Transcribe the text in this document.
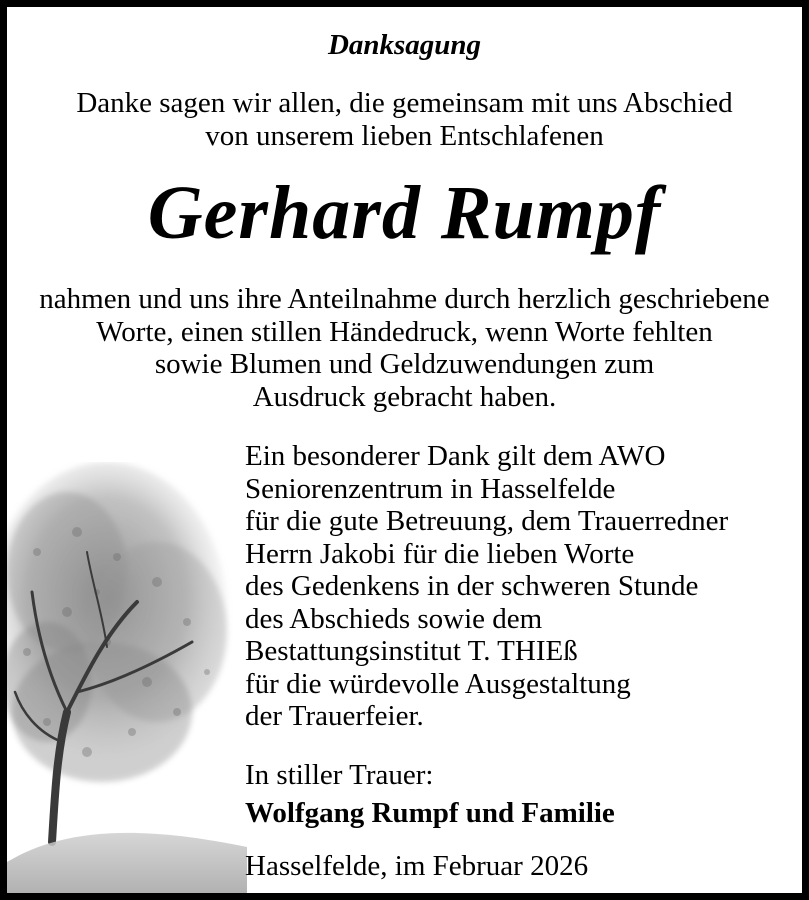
Danksagung
Danke sagen wir allen, die gemeinsam mit uns Abschied
von unserem lieben Entschlafenen
Gerhard Rumpf
nahmen und uns ihre Anteilnahme durch herzlich geschriebene
Worte, einen stillen Händedruck, wenn Worte fehlten
sowie Blumen und Geldzuwendungen zum
Ausdruck gebracht haben.
Ein besonderer Dank gilt dem AWO
Seniorenzentrum in Hasselfelde
für die gute Betreuung, dem Trauerredner
Herrn Jakobi für die lieben Worte
des Gedenkens in der schweren Stunde
des Abschieds sowie dem
Bestattungsinstitut T. THIEß
für die würdevolle Ausgestaltung
der Trauerfeier.
In stiller Trauer:
Wolfgang Rumpf und Familie
Hasselfelde, im Februar 2026
